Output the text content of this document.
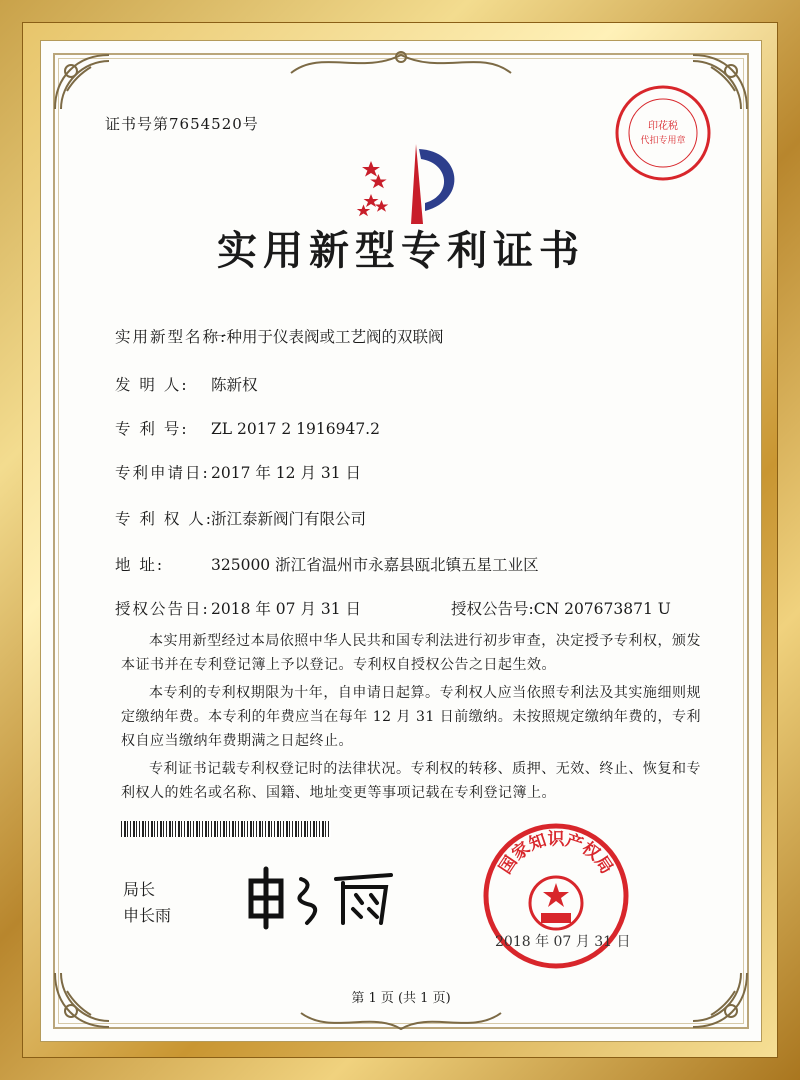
证书号第7654520号	印花税
代扣专用章
实用新型专利证书
实用新型名称:一种用于仪表阀或工艺阀的双联阀
发 明 人: 陈新权
专 利 号: ZL 2017 2 1916947.2
专利申请日:2017 年 12 月 31 日
专 利 权 人:浙江泰新阀门有限公司
地 址:	325000 浙江省温州市永嘉县瓯北镇五星工业区
授权公告日:2018 年 07 月 31 日	授权公告号:CN 207673871 U
本实用新型经过本局依照中华人民共和国专利法进行初步审查，决定授予专利权，颁发本证书并在专利登记簿上予以登记。专利权自授权公告之日起生效。
本专利的专利权期限为十年，自申请日起算。专利权人应当依照专利法及其实施细则规定缴纳年费。本专利的年费应当在每年 12 月 31 日前缴纳。未按照规定缴纳年费的，专利权自应当缴纳年费期满之日起终止。
专利证书记载专利权登记时的法律状况。专利权的转移、质押、无效、终止、恢复和专利权人的姓名或名称、国籍、地址变更等事项记载在专利登记簿上。
局长
申长雨
国家知识产权局
2018 年 07 月 31 日
第 1 页 (共 1 页)
